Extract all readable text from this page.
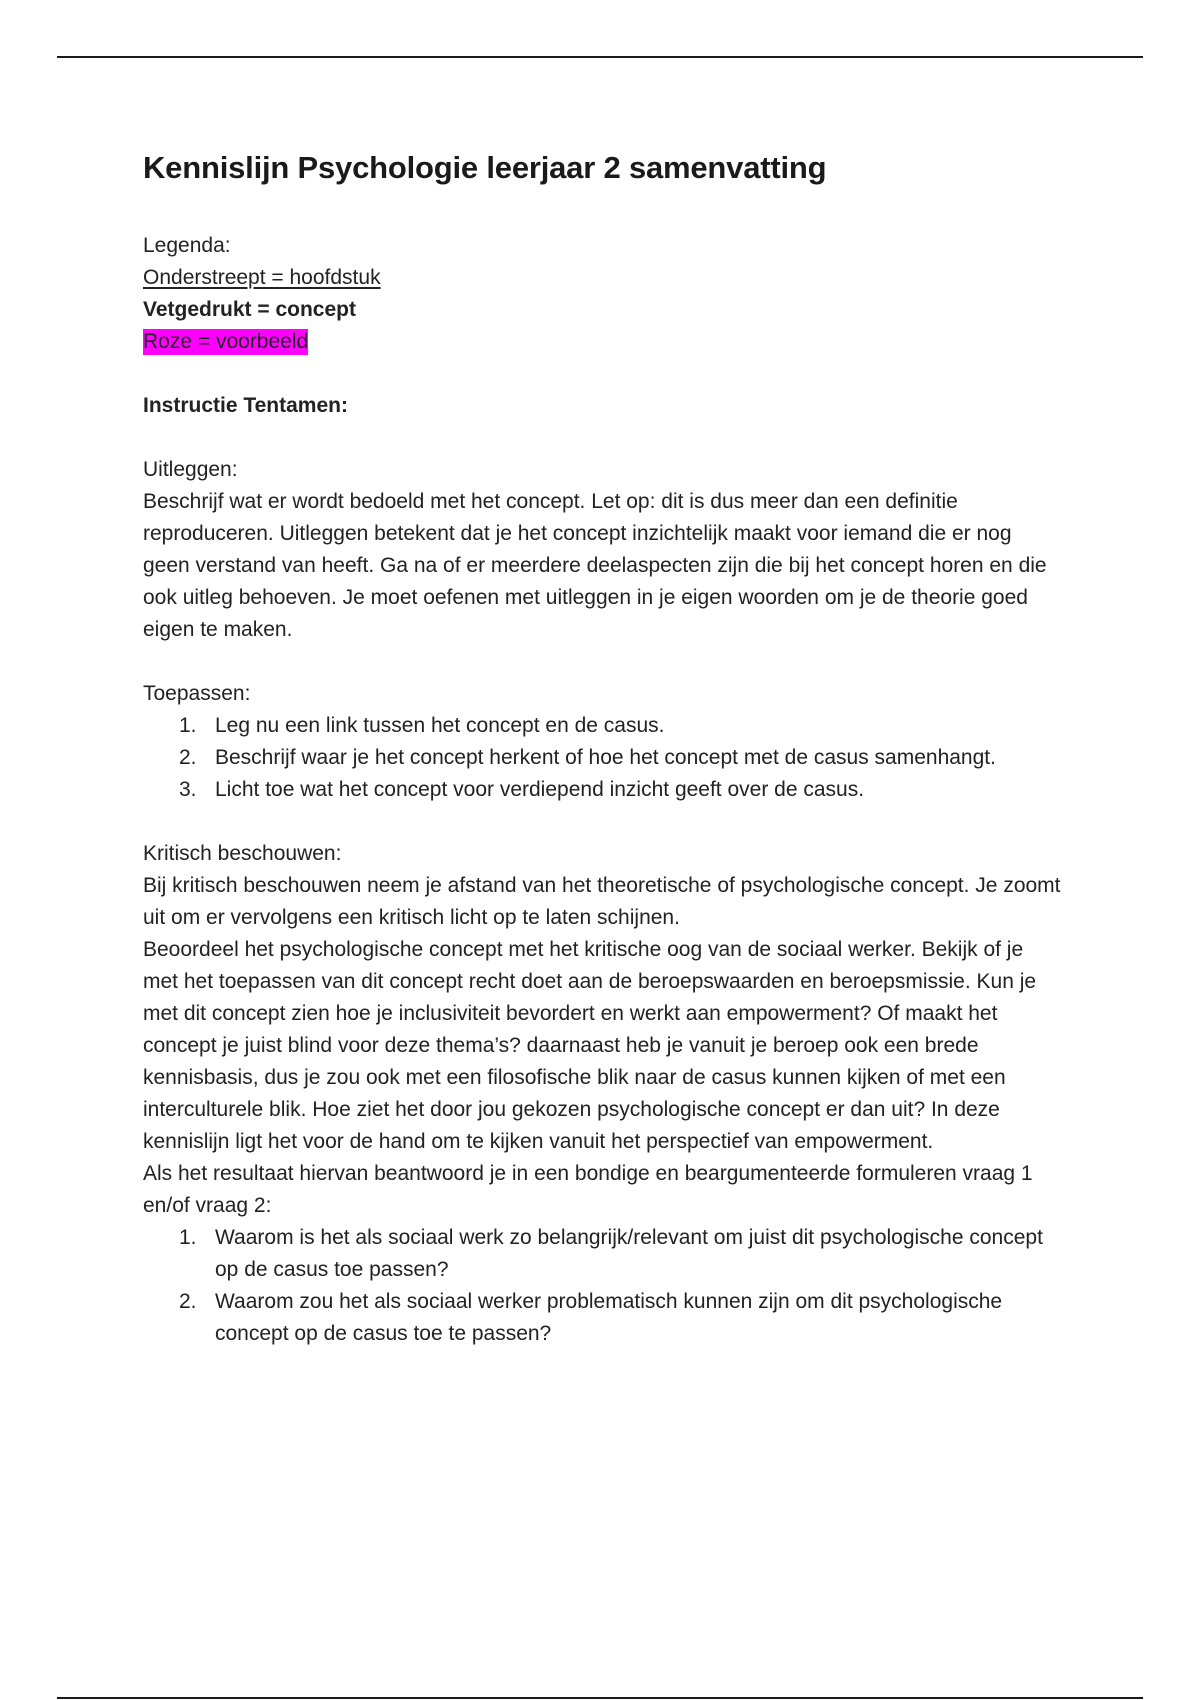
Kennislijn Psychologie leerjaar 2 samenvatting

Legenda:

Onderstreept = hoofdstuk

Vetgedrukt = concept

Roze = voorbeeld

Instructie Tentamen:

Uitleggen:

Beschrijf wat er wordt bedoeld met het concept. Let op: dit is dus meer dan een definitie reproduceren. Uitleggen betekent dat je het concept inzichtelijk maakt voor iemand die er nog geen verstand van heeft. Ga na of er meerdere deelaspecten zijn die bij het concept horen en die ook uitleg behoeven. Je moet oefenen met uitleggen in je eigen woorden om je de theorie goed eigen te maken.

Toepassen:

1. Leg nu een link tussen het concept en de casus.
2. Beschrijf waar je het concept herkent of hoe het concept met de casus samenhangt.
3. Licht toe wat het concept voor verdiepend inzicht geeft over de casus.

Kritisch beschouwen:

Bij kritisch beschouwen neem je afstand van het theoretische of psychologische concept. Je zoomt uit om er vervolgens een kritisch licht op te laten schijnen.

Beoordeel het psychologische concept met het kritische oog van de sociaal werker. Bekijk of je met het toepassen van dit concept recht doet aan de beroepswaarden en beroepsmissie. Kun je met dit concept zien hoe je inclusiviteit bevordert en werkt aan empowerment? Of maakt het concept je juist blind voor deze thema’s? daarnaast heb je vanuit je beroep ook een brede kennisbasis, dus je zou ook met een filosofische blik naar de casus kunnen kijken of met een interculturele blik. Hoe ziet het door jou gekozen psychologische concept er dan uit? In deze kennislijn ligt het voor de hand om te kijken vanuit het perspectief van empowerment.

Als het resultaat hiervan beantwoord je in een bondige en beargumenteerde formuleren vraag 1 en/of vraag 2:

1. Waarom is het als sociaal werk zo belangrijk/relevant om juist dit psychologische concept op de casus toe passen?
2. Waarom zou het als sociaal werker problematisch kunnen zijn om dit psychologische concept op de casus toe te passen?
